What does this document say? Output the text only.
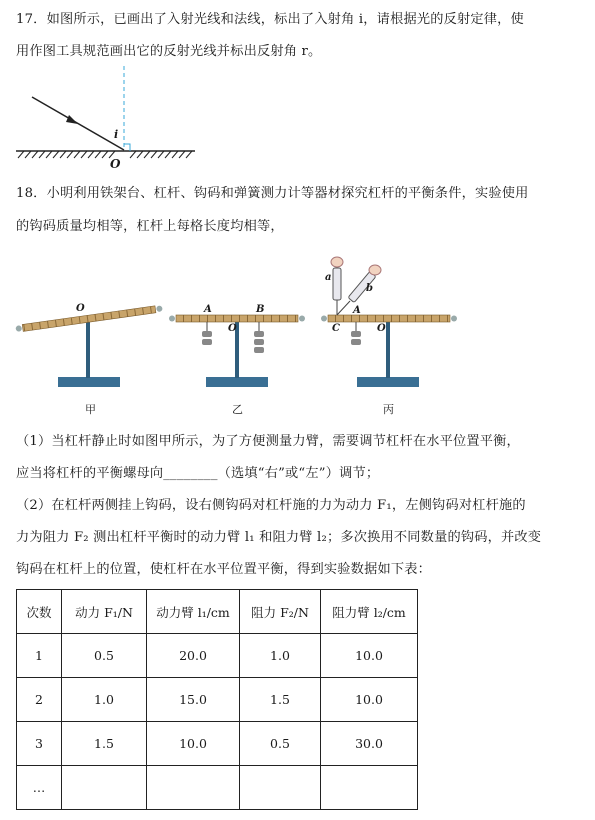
17．如图所示，已画出了入射光线和法线，标出了入射角 i，请根据光的反射定律，使
用作图工具规范画出它的反射光线并标出反射角 r。
i
O
18．小明利用铁架台、杠杆、钩码和弹簧测力计等器材探究杠杆的平衡条件，实验使用
的钩码质量均相等，杠杆上每格长度均相等，
O	A	B
O
a
b
C	O
A
甲	乙	丙
（1）当杠杆静止时如图甲所示，为了方便测量力臂，需要调节杠杆在水平位置平衡，
应当将杠杆的平衡螺母向________（选填“右”或“左”）调节；
（2）在杠杆两侧挂上钩码，设右侧钩码对杠杆施的力为动力 F₁，左侧钩码对杠杆施的
力为阻力 F₂ 测出杠杆平衡时的动力臂 l₁ 和阻力臂 l₂；多次换用不同数量的钩码，并改变
钩码在杠杆上的位置，使杠杆在水平位置平衡，得到实验数据如下表：
次数	动力 F₁/N	动力臂 l₁/cm	阻力 F₂/N	阻力臂 l₂/cm
1	0.5	20.0	1.0	10.0
2	1.0	15.0	1.5	10.0
3	1.5	10.0	0.5	30.0
…				
